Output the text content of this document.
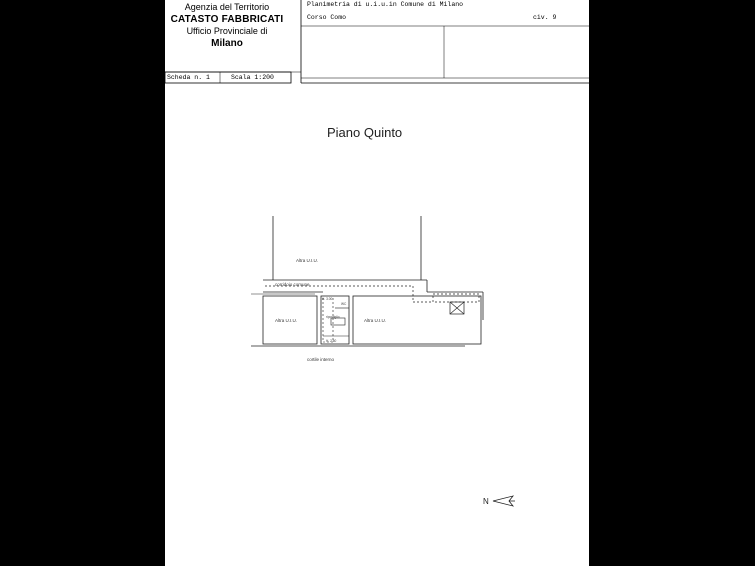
Agenzia del Territorio
CATASTO FABBRICATI
Ufficio Provinciale di
Milano
Planimetria di u.i.u.in Comune di Milano
Corso Como	civ. 9
Scheda n. 1	Scala 1:200
Piano Quinto
Altra U.I.U.
corridoio comune
Altra U.I.U.	Altra U.I.U.
cortile interno
H. 3.00
ripostiglio
H. 2.60
WC
N
